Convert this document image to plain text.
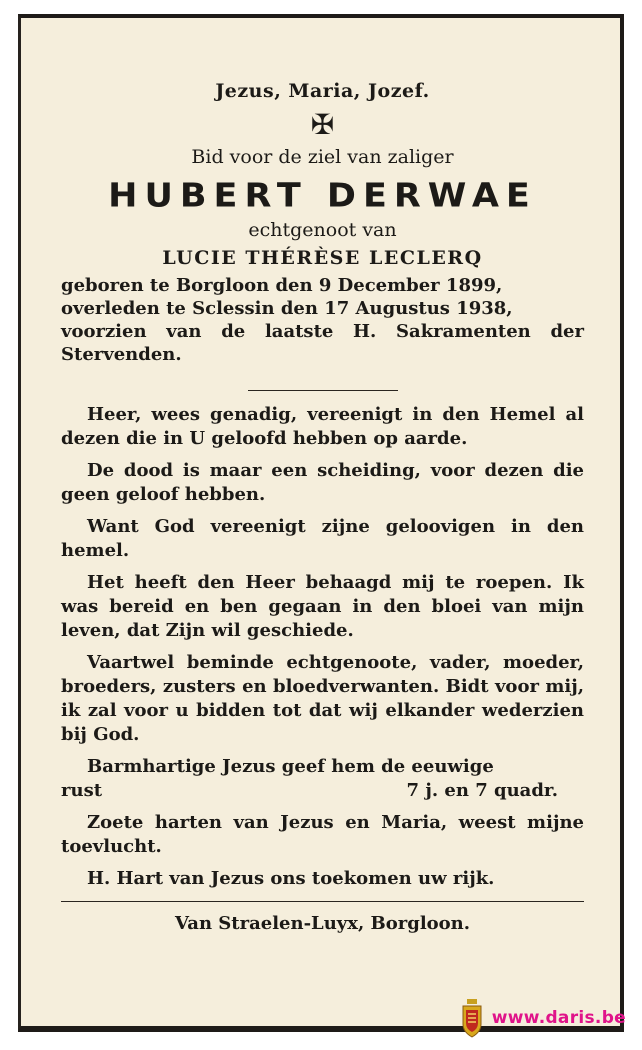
Jezus, Maria, Jozef.
✠
Bid voor de ziel van zaliger
HUBERT DERWAE
echtgenoot van
LUCIE THÉRÈSE LECLERQ
geboren te Borgloon den 9 December 1899,
overleden te Sclessin den 17 Augustus 1938,
voorzien van de laatste H. Sakramenten der Stervenden.

Heer, wees genadig, vereenigt in den Hemel al dezen die in U geloofd hebben op aarde.

De dood is maar een scheiding, voor dezen die geen geloof hebben.

Want God vereenigt zijne geloovigen in den hemel.

Het heeft den Heer behaagd mij te roepen. Ik was bereid en ben gegaan in den bloei van mijn leven, dat Zijn wil geschiede.

Vaartwel beminde echtgenoote, vader, moeder, broeders, zusters en bloedverwanten. Bidt voor mij, ik zal voor u bidden tot dat wij elkander wederzien bij God.

Barmhartige Jezus geef hem de eeuwige

rust	7 j. en 7 quadr.

Zoete harten van Jezus en Maria, weest mijne toevlucht.

H. Hart van Jezus ons toekomen uw rijk.

Van Straelen-Luyx, Borgloon.
www.daris.be
